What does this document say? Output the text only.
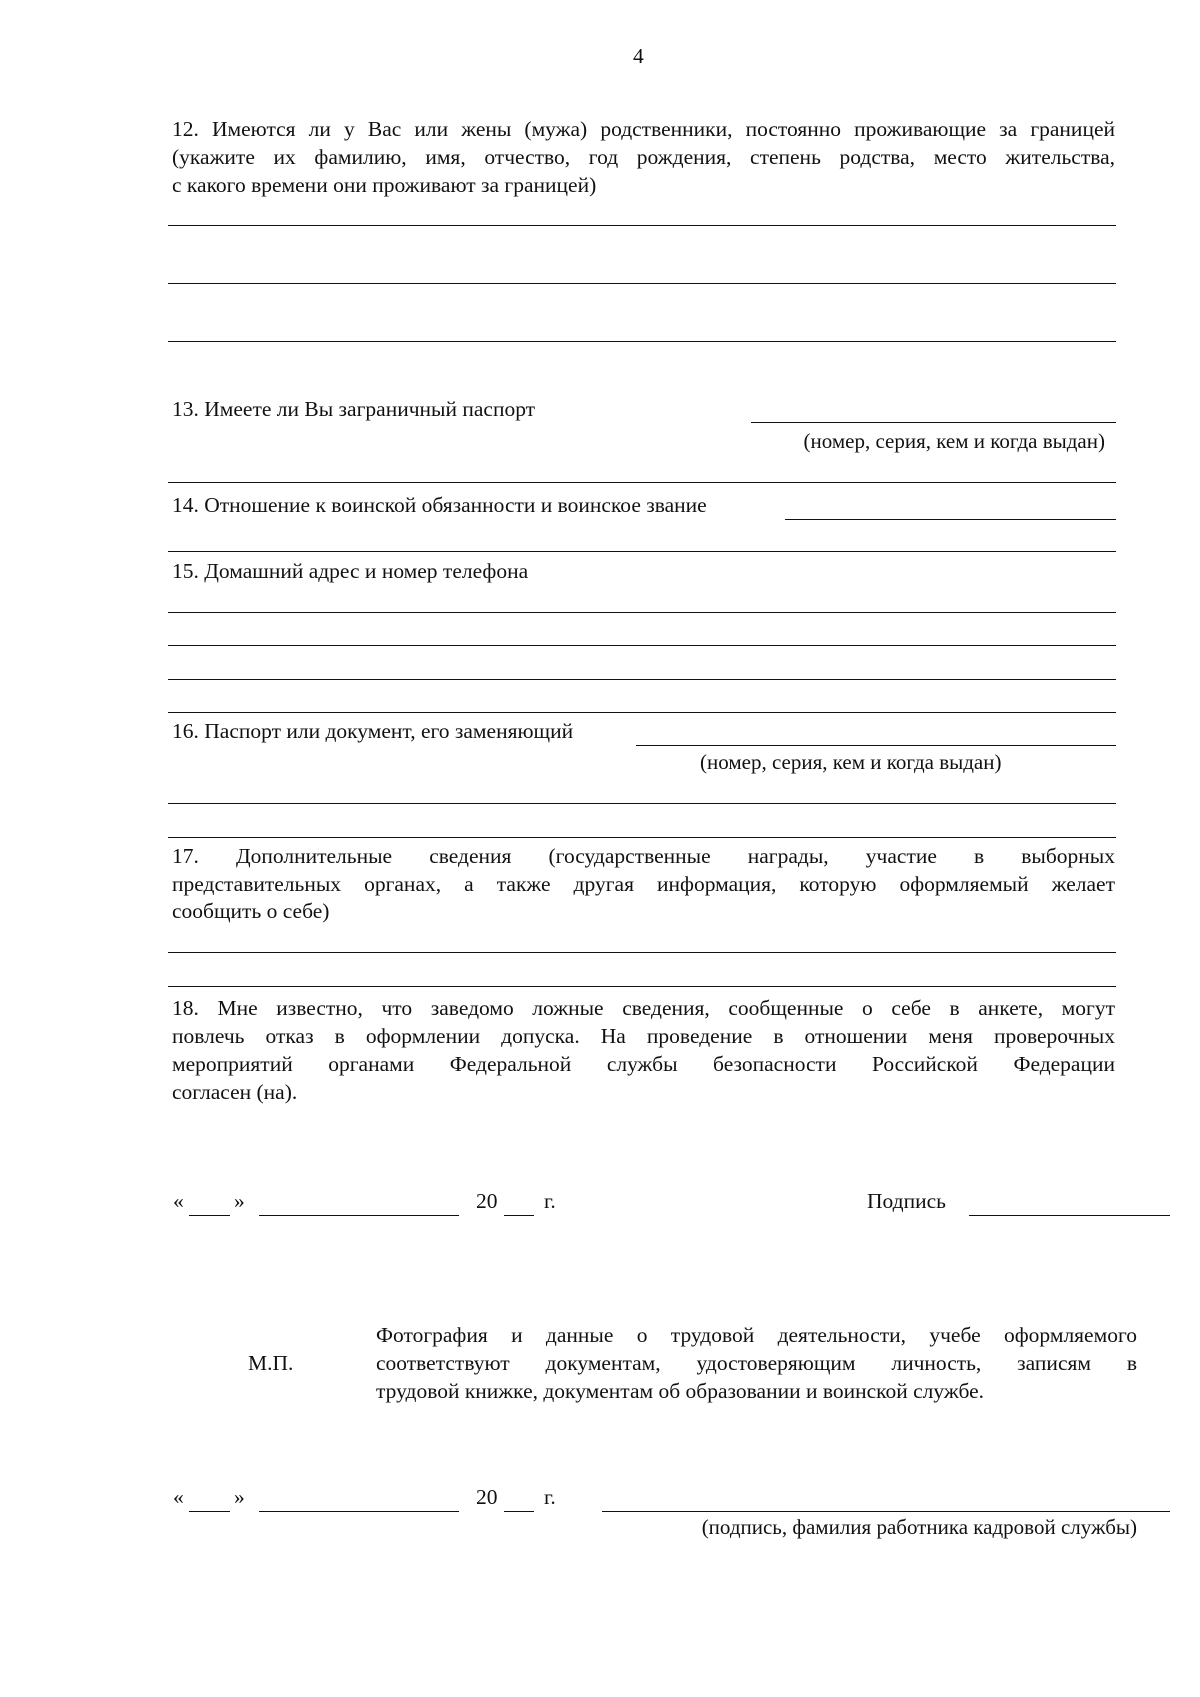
4
12. Имеются ли у Вас или жены (мужа) родственники, постоянно проживающие за границей
(укажите их фамилию, имя, отчество, год рождения, степень родства, место жительства,
с какого времени они проживают за границей)
13. Имеете ли Вы заграничный паспорт
(номер, серия, кем и когда выдан)
14. Отношение к воинской обязанности и воинское звание
15. Домашний адрес и номер телефона
16. Паспорт или документ, его заменяющий
(номер, серия, кем и когда выдан)
17. Дополнительные сведения (государственные награды, участие в выборных
представительных органах, а также другая информация, которую оформляемый желает
сообщить о себе)
18. Мне известно, что заведомо ложные сведения, сообщенные о себе в анкете, могут
повлечь отказ в оформлении допуска. На проведение в отношении меня проверочных
мероприятий органами Федеральной службы безопасности Российской Федерации
согласен (на).
« »	20 г.	Подпись
М.П.
Фотография и данные о трудовой деятельности, учебе оформляемого
соответствуют документам, удостоверяющим личность, записям в
трудовой книжке, документам об образовании и воинской службе.
« »	20 г.
(подпись, фамилия работника кадровой службы)
